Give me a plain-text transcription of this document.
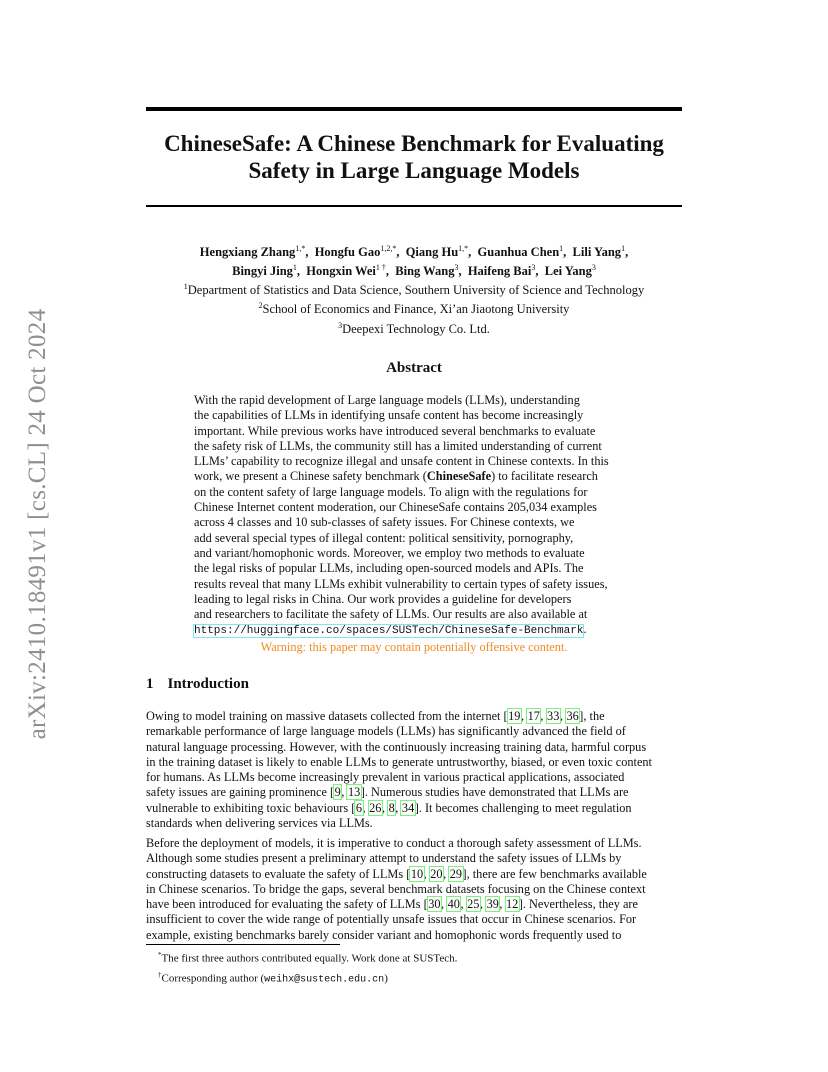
arXiv:2410.18491v1 [cs.CL] 24 Oct 2024
ChineseSafe: A Chinese Benchmark for Evaluating
Safety in Large Language Models
Hengxiang Zhang$^{1,*}$, Hongfu Gao$^{1,2,*}$, Qiang $Hu^{1,*}$, Guanhua Chen$^1$, Lili Yang$^1$,
Bingyi Jing$^1$, Hongxin Wei$^{1 \dagger}$, Bing Wang$^3$, Haifeng Bai$^3$, Lei Yang$^3$
$^1$Department of Statistics and Data Science, Southern University of Science and Technology
$^2$School of Economics and Finance, Xi’an Jiaotong University
$^3$Deepexi Technology Co. Ltd.
Abstract
With the rapid development of Large language models (LLMs), understanding
the capabilities of LLMs in identifying unsafe content has become increasingly
important. While previous works have introduced several benchmarks to evaluate
the safety risk of LLMs, the community still has a limited understanding of current
LLMs’ capability to recognize illegal and unsafe content in Chinese contexts. In this
work, we present a Chinese safety benchmark (ChineseSafe) to facilitate research
on the content safety of large language models. To align with the regulations for
Chinese Internet content moderation, our ChineseSafe contains 205,034 examples
across 4 classes and 10 sub-classes of safety issues. For Chinese contexts, we
add several special types of illegal content: political sensitivity, pornography,
and variant/homophonic words. Moreover, we employ two methods to evaluate
the legal risks of popular LLMs, including open-sourced models and APIs. The
results reveal that many LLMs exhibit vulnerability to certain types of safety issues,
leading to legal risks in China. Our work provides a guideline for developers
and researchers to facilitate the safety of LLMs. Our results are also available at
https://huggingface.co/spaces/SUSTech/ChineseSafe-Benchmark.
Warning: this paper may contain potentially offensive content.
1 Introduction
Owing to model training on massive datasets collected from the internet [19, 17, 33, 36], the
remarkable performance of large language models (LLMs) has significantly advanced the field of
natural language processing. However, with the continuously increasing training data, harmful corpus
in the training dataset is likely to enable LLMs to generate untrustworthy, biased, or even toxic content
for humans. As LLMs become increasingly prevalent in various practical applications, associated
safety issues are gaining prominence [9, 13]. Numerous studies have demonstrated that LLMs are
vulnerable to exhibiting toxic behaviours [6, 26, 8, 34]. It becomes challenging to meet regulation
standards when delivering services via LLMs.
Before the deployment of models, it is imperative to conduct a thorough safety assessment of LLMs.
Although some studies present a preliminary attempt to understand the safety issues of LLMs by
constructing datasets to evaluate the safety of LLMs [10, 20, 29], there are few benchmarks available
in Chinese scenarios. To bridge the gaps, several benchmark datasets focusing on the Chinese context
have been introduced for evaluating the safety of LLMs [30, 40, 25, 39, 12]. Nevertheless, they are
insufficient to cover the wide range of potentially unsafe issues that occur in Chinese scenarios. For
example, existing benchmarks barely consider variant and homophonic words frequently used to
*The first three authors contributed equally. Work done at SUSTech.
†Corresponding author (weihx@sustech.edu.cn)
